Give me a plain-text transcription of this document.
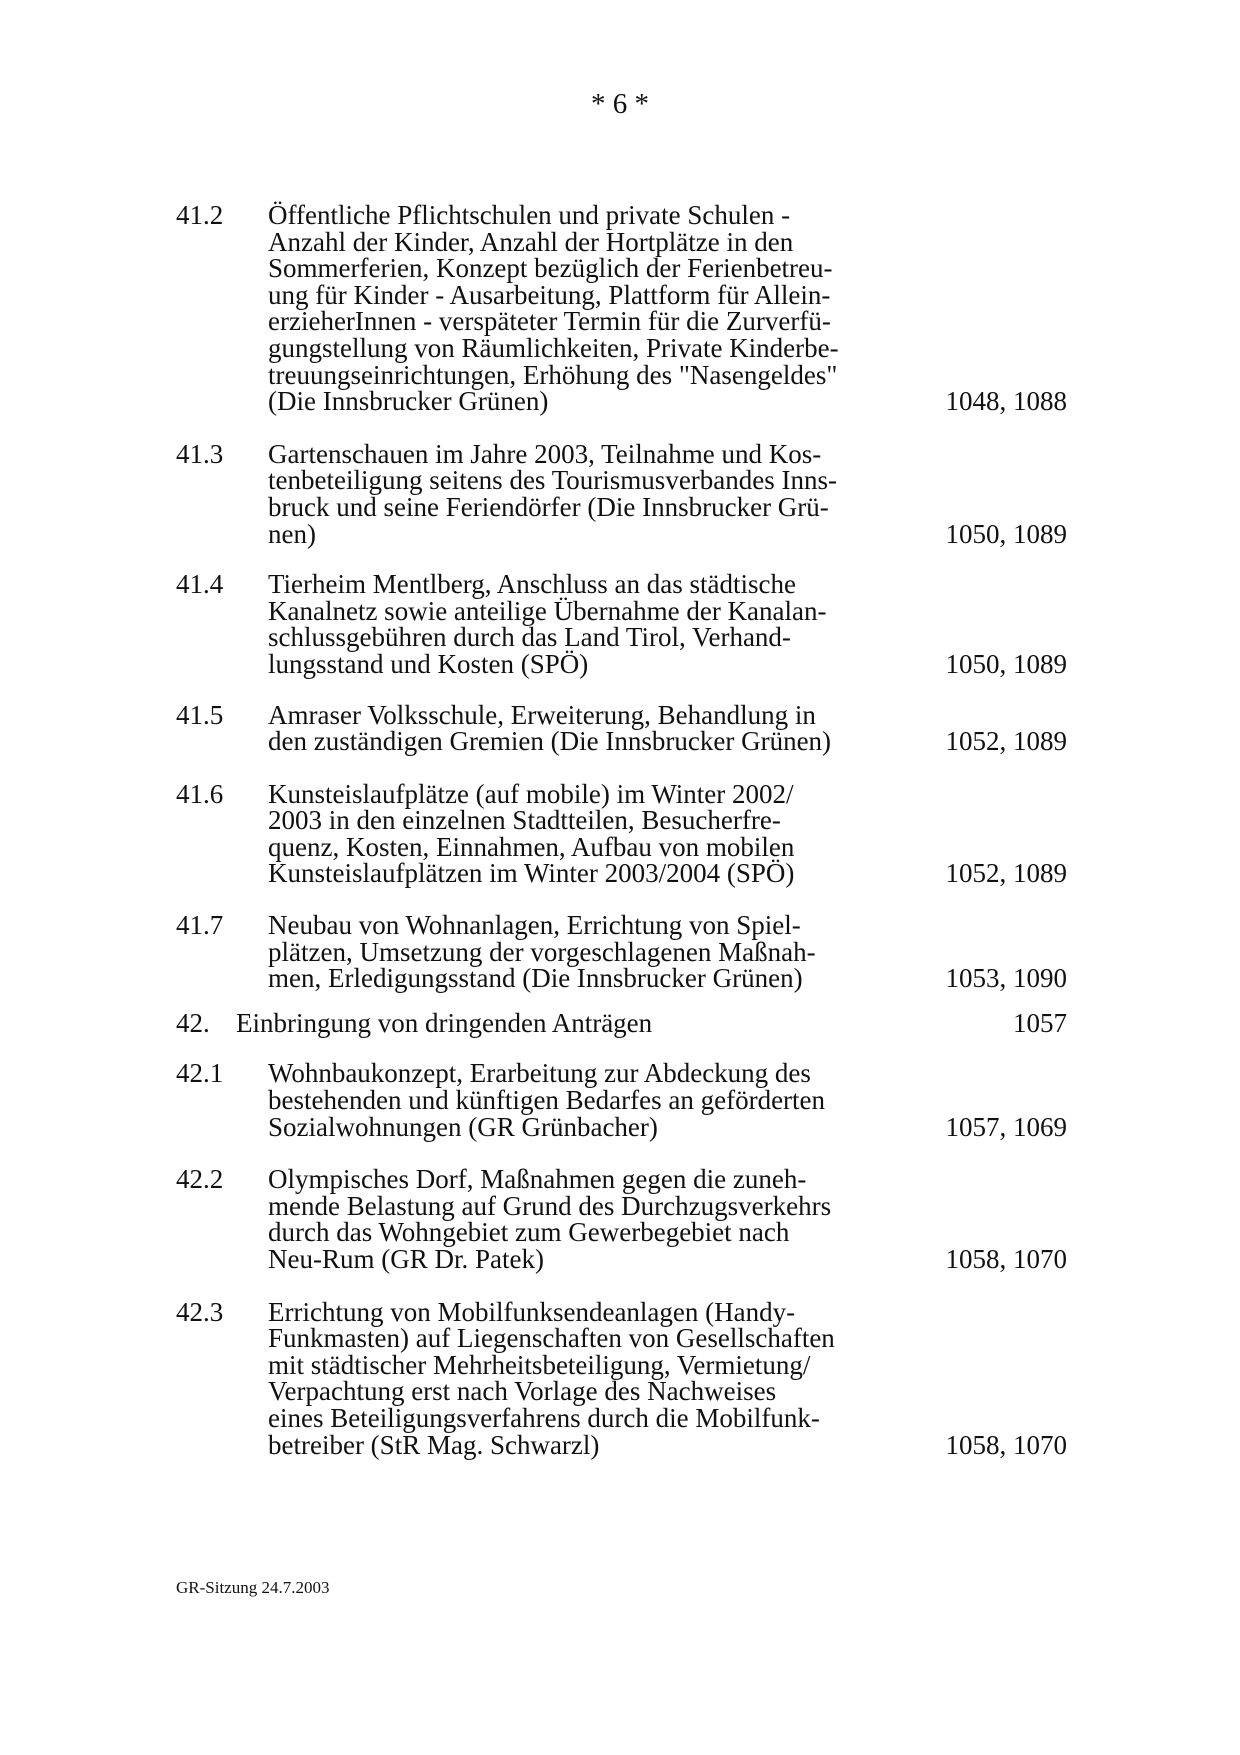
* 6 *
41.2 Öffentliche Pflichtschulen und private Schulen -
Anzahl der Kinder, Anzahl der Hortplätze in den
Sommerferien, Konzept bezüglich der Ferienbetreu-
ung für Kinder - Ausarbeitung, Plattform für Allein-
erzieherInnen - verspäteter Termin für die Zurverfü-
gungstellung von Räumlichkeiten, Private Kinderbe-
treuungseinrichtungen, Erhöhung des "Nasengeldes"
(Die Innsbrucker Grünen)	1048, 1088
41.3 Gartenschauen im Jahre 2003, Teilnahme und Kos-
tenbeteiligung seitens des Tourismusverbandes Inns-
bruck und seine Feriendörfer (Die Innsbrucker Grü-
nen)	1050, 1089
41.4 Tierheim Mentlberg, Anschluss an das städtische
Kanalnetz sowie anteilige Übernahme der Kanalan-
schlussgebühren durch das Land Tirol, Verhand-
lungsstand und Kosten (SPÖ)	1050, 1089
41.5 Amraser Volksschule, Erweiterung, Behandlung in
den zuständigen Gremien (Die Innsbrucker Grünen)	1052, 1089
41.6 Kunsteislaufplätze (auf mobile) im Winter 2002/
2003 in den einzelnen Stadtteilen, Besucherfre-
quenz, Kosten, Einnahmen, Aufbau von mobilen
Kunsteislaufplätzen im Winter 2003/2004 (SPÖ)	1052, 1089
41.7 Neubau von Wohnanlagen, Errichtung von Spiel-
plätzen, Umsetzung der vorgeschlagenen Maßnah-
men, Erledigungsstand (Die Innsbrucker Grünen)	1053, 1090
42. Einbringung von dringenden Anträgen	1057
42.1 Wohnbaukonzept, Erarbeitung zur Abdeckung des
bestehenden und künftigen Bedarfes an geförderten
Sozialwohnungen (GR Grünbacher)	1057, 1069
42.2 Olympisches Dorf, Maßnahmen gegen die zuneh-
mende Belastung auf Grund des Durchzugsverkehrs
durch das Wohngebiet zum Gewerbegebiet nach
Neu-Rum (GR Dr. Patek)	1058, 1070
42.3 Errichtung von Mobilfunksendeanlagen (Handy-
Funkmasten) auf Liegenschaften von Gesellschaften
mit städtischer Mehrheitsbeteiligung, Vermietung/
Verpachtung erst nach Vorlage des Nachweises
eines Beteiligungsverfahrens durch die Mobilfunk-
betreiber (StR Mag. Schwarzl)	1058, 1070
GR-Sitzung 24.7.2003
